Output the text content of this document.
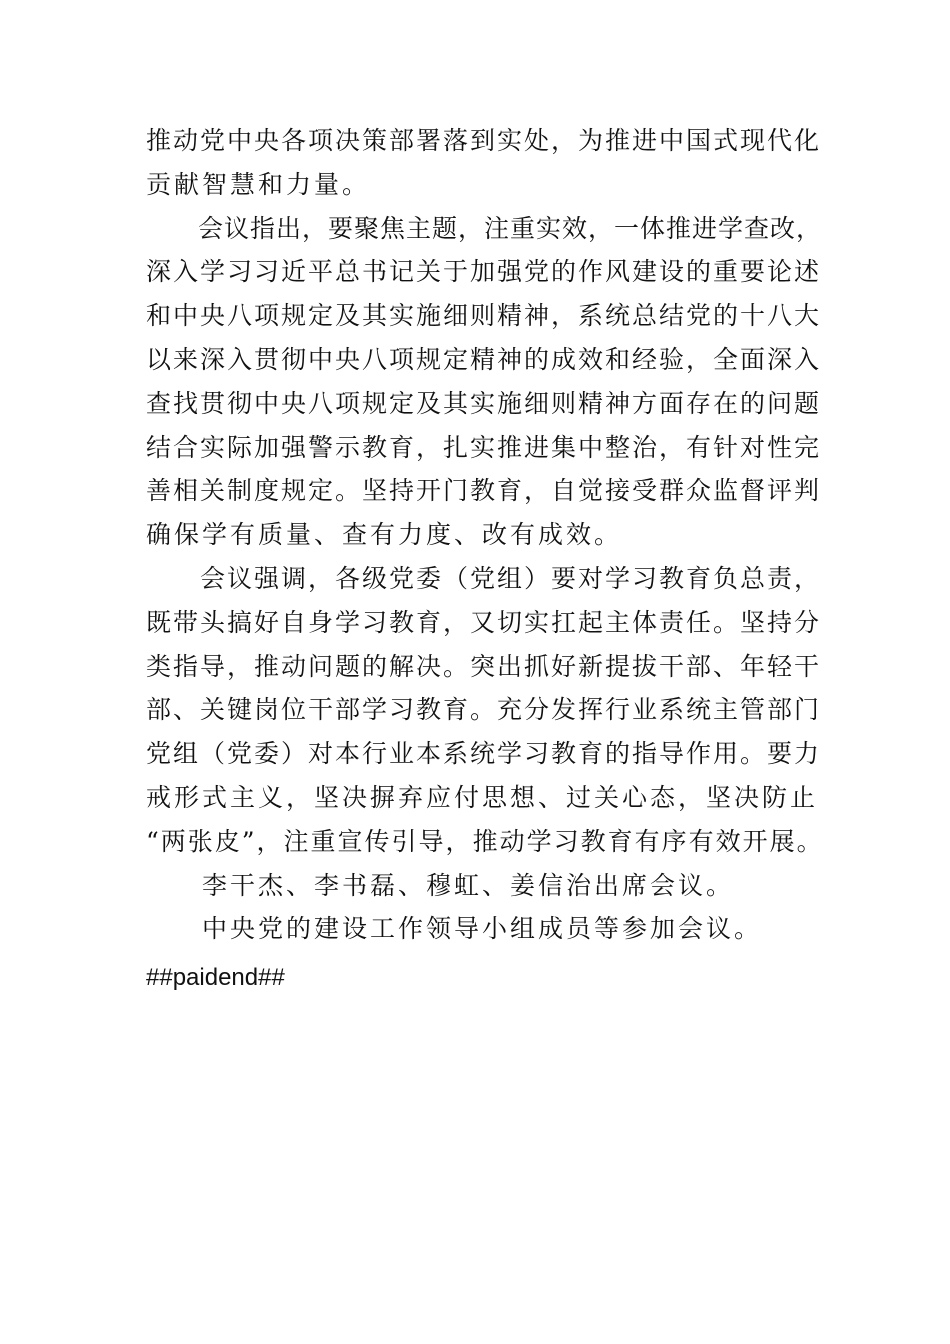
推动党中央各项决策部署落到实处，为推进中国式现代化
贡献智慧和力量。
　　会议指出，要聚焦主题，注重实效，一体推进学查改，
深入学习习近平总书记关于加强党的作风建设的重要论述
和中央八项规定及其实施细则精神，系统总结党的十八大
以来深入贯彻中央八项规定精神的成效和经验，全面深入
查找贯彻中央八项规定及其实施细则精神方面存在的问题
结合实际加强警示教育，扎实推进集中整治，有针对性完
善相关制度规定。坚持开门教育，自觉接受群众监督评判
确保学有质量、查有力度、改有成效。
　　会议强调，各级党委（党组）要对学习教育负总责，
既带头搞好自身学习教育，又切实扛起主体责任。坚持分
类指导，推动问题的解决。突出抓好新提拔干部、年轻干
部、关键岗位干部学习教育。充分发挥行业系统主管部门
党组（党委）对本行业本系统学习教育的指导作用。要力
戒形式主义，坚决摒弃应付思想、过关心态，坚决防止
“两张皮”，注重宣传引导，推动学习教育有序有效开展。
　　李干杰、李书磊、穆虹、姜信治出席会议。
　　中央党的建设工作领导小组成员等参加会议。
##paidend##
